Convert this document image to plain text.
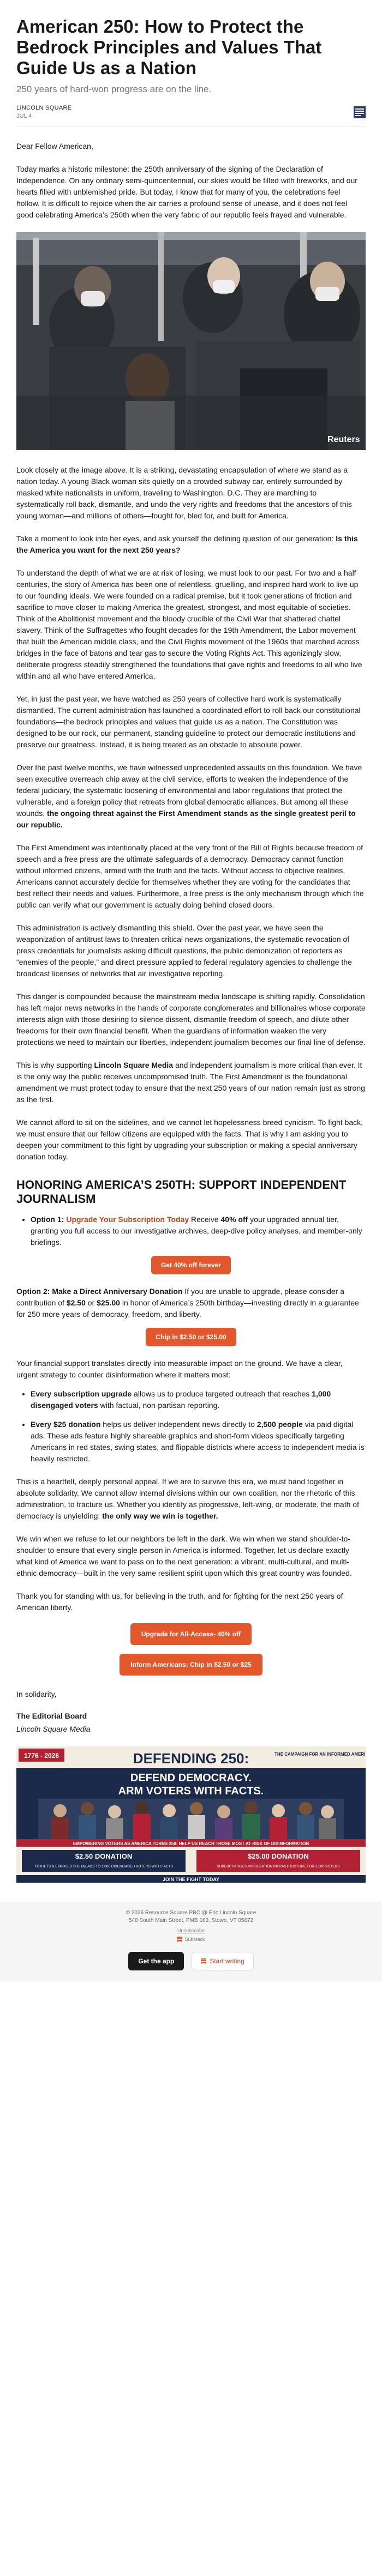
American 250: How to Protect the Bedrock Principles and Values That Guide Us as a Nation
250 years of hard-won progress are on the line.
LINCOLN SQUARE
JUL 4

Dear Fellow American,

Today marks a historic milestone: the 250th anniversary of the signing of the Declaration of Independence. On any ordinary semi-quincentennial, our skies would be filled with fireworks, and our hearts filled with unblemished pride. But today, I know that for many of you, the celebrations feel hollow. It is difficult to rejoice when the air carries a profound sense of unease, and it does not feel good celebrating America’s 250th when the very fabric of our republic feels frayed and vulnerable.

Reuters

Look closely at the image above. It is a striking, devastating encapsulation of where we stand as a nation today. A young Black woman sits quietly on a crowded subway car, entirely surrounded by masked white nationalists in uniform, traveling to Washington, D.C. They are marching to systematically roll back, dismantle, and undo the very rights and freedoms that the ancestors of this young woman—and millions of others—fought for, bled for, and built for America.

Take a moment to look into her eyes, and ask yourself the defining question of our generation: Is this the America you want for the next 250 years?

To understand the depth of what we are at risk of losing, we must look to our past. For two and a half centuries, the story of America has been one of relentless, gruelling, and inspired hard work to live up to our founding ideals. We were founded on a radical premise, but it took generations of friction and sacrifice to move closer to making America the greatest, strongest, and most equitable of societies. Think of the Abolitionist movement and the bloody crucible of the Civil War that shattered chattel slavery. Think of the Suffragettes who fought decades for the 19th Amendment, the Labor movement that built the American middle class, and the Civil Rights movement of the 1960s that marched across bridges in the face of batons and tear gas to secure the Voting Rights Act. This agonizingly slow, deliberate progress steadily strengthened the foundations that gave rights and freedoms to all who live within and all who have entered America.

Yet, in just the past year, we have watched as 250 years of collective hard work is systematically dismantled. The current administration has launched a coordinated effort to roll back our constitutional foundations—the bedrock principles and values that guide us as a nation. The Constitution was designed to be our rock, our permanent, standing guideline to protect our democratic institutions and preserve our greatness. Instead, it is being treated as an obstacle to absolute power.

Over the past twelve months, we have witnessed unprecedented assaults on this foundation. We have seen executive overreach chip away at the civil service, efforts to weaken the independence of the federal judiciary, the systematic loosening of environmental and labor regulations that protect the vulnerable, and a foreign policy that retreats from global democratic alliances. But among all these wounds, the ongoing threat against the First Amendment stands as the single greatest peril to our republic.

The First Amendment was intentionally placed at the very front of the Bill of Rights because freedom of speech and a free press are the ultimate safeguards of a democracy. Democracy cannot function without informed citizens, armed with the truth and the facts. Without access to objective realities, Americans cannot accurately decide for themselves whether they are voting for the candidates that best reflect their needs and values. Furthermore, a free press is the only mechanism through which the public can verify what our government is actually doing behind closed doors.

This administration is actively dismantling this shield. Over the past year, we have seen the weaponization of antitrust laws to threaten critical news organizations, the systematic revocation of press credentials for journalists asking difficult questions, the public demonization of reporters as “enemies of the people,” and direct pressure applied to federal regulatory agencies to challenge the broadcast licenses of networks that air investigative reporting.

This danger is compounded because the mainstream media landscape is shifting rapidly. Consolidation has left major news networks in the hands of corporate conglomerates and billionaires whose corporate interests align with those desiring to silence dissent, dismantle freedom of speech, and dilute other freedoms for their own financial benefit. When the guardians of information weaken the very protections we need to maintain our liberties, independent journalism becomes our final line of defense.

This is why supporting Lincoln Square Media and independent journalism is more critical than ever. It is the only way the public receives uncompromised truth. The First Amendment is the foundational amendment we must protect today to ensure that the next 250 years of our nation remain just as strong as the first.

We cannot afford to sit on the sidelines, and we cannot let hopelessness breed cynicism. To fight back, we must ensure that our fellow citizens are equipped with the facts. That is why I am asking you to deepen your commitment to this fight by upgrading your subscription or making a special anniversary donation today.

HONORING AMERICA’S 250TH: SUPPORT INDEPENDENT JOURNALISM
• Option 1: Upgrade Your Subscription Today Receive 40% off your upgraded annual tier, granting you full access to our investigative archives, deep-dive policy analyses, and member-only briefings.
Get 40% off forever

Option 2: Make a Direct Anniversary Donation If you are unable to upgrade, please consider a contribution of $2.50 or $25.00 in honor of America’s 250th birthday—investing directly in a guarantee for 250 more years of democracy, freedom, and liberty.

Chip in $2.50 or $25.00

Your financial support translates directly into measurable impact on the ground. We have a clear, urgent strategy to counter disinformation where it matters most:

• Every subscription upgrade allows us to produce targeted outreach that reaches 1,000 disengaged voters with factual, non-partisan reporting.
• Every $25 donation helps us deliver independent news directly to 2,500 people via paid digital ads. These ads feature highly shareable graphics and short-form videos specifically targeting Americans in red states, swing states, and flippable districts where access to independent media is heavily restricted.

This is a heartfelt, deeply personal appeal. If we are to survive this era, we must band together in absolute solidarity. We cannot allow internal divisions within our own coalition, nor the rhetoric of this administration, to fracture us. Whether you identify as progressive, left-wing, or moderate, the math of democracy is unyielding: the only way we win is together.

We win when we refuse to let our neighbors be left in the dark. We win when we stand shoulder-to-shoulder to ensure that every single person in America is informed. Together, let us declare exactly what kind of America we want to pass on to the next generation: a vibrant, multi-cultural, and multi-ethnic democracy—built in the very same resilient spirit upon which this great country was founded.

Thank you for standing with us, for believing in the truth, and for fighting for the next 250 years of American liberty.

Upgrade for All-Access- 40% off
Inform Americans: Chip in $2.50 or $25

In solidarity,

The Editorial Board
Lincoln Square Media
1776 - 2026	DEFENDING 250:	THE CAMPAIGN FOR AN INFORMED AMERICA
DEFEND DEMOCRACY.
ARM VOTERS WITH FACTS.
EMPOWERING VOTERS AS AMERICA TURNS 250: HELP US REACH THOSE MOST AT RISK OF DISINFORMATION
$2.50 DONATION
TARGETS & EXPOSES DIGITAL ADS TO 1,000 DISENGAGED VOTERS WITH FACTS
$25.00 DONATION
SUPERCHARGES MOBILIZATION INFRASTRUCTURE FOR 2,500 VOTERS
JOIN THE FIGHT TODAY
© 2026 Resource Square PBC @ Eric Lincoln Square
548 South Main Street, PMB 163, Stowe, VT 05672
Unsubscribe
Substack
Get the app	Start writing
